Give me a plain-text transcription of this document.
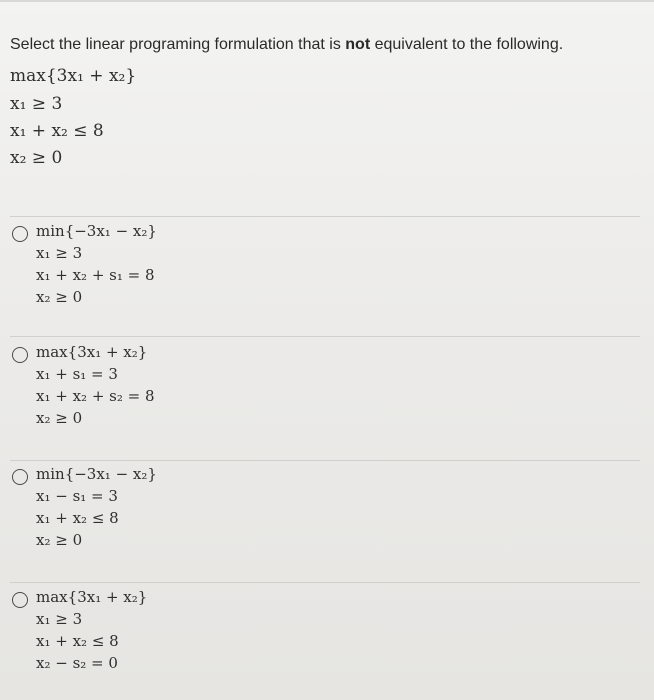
Select the linear programing formulation that is not equivalent to the following.
max{3x₁ + x₂}
x₁ ≥ 3
x₁ + x₂ ≤ 8
x₂ ≥ 0
min{−3x₁ − x₂}
x₁ ≥ 3
x₁ + x₂ + s₁ = 8
x₂ ≥ 0
max{3x₁ + x₂}
x₁ + s₁ = 3
x₁ + x₂ + s₂ = 8
x₂ ≥ 0
min{−3x₁ − x₂}
x₁ − s₁ = 3
x₁ + x₂ ≤ 8
x₂ ≥ 0
max{3x₁ + x₂}
x₁ ≥ 3
x₁ + x₂ ≤ 8
x₂ − s₂ = 0
